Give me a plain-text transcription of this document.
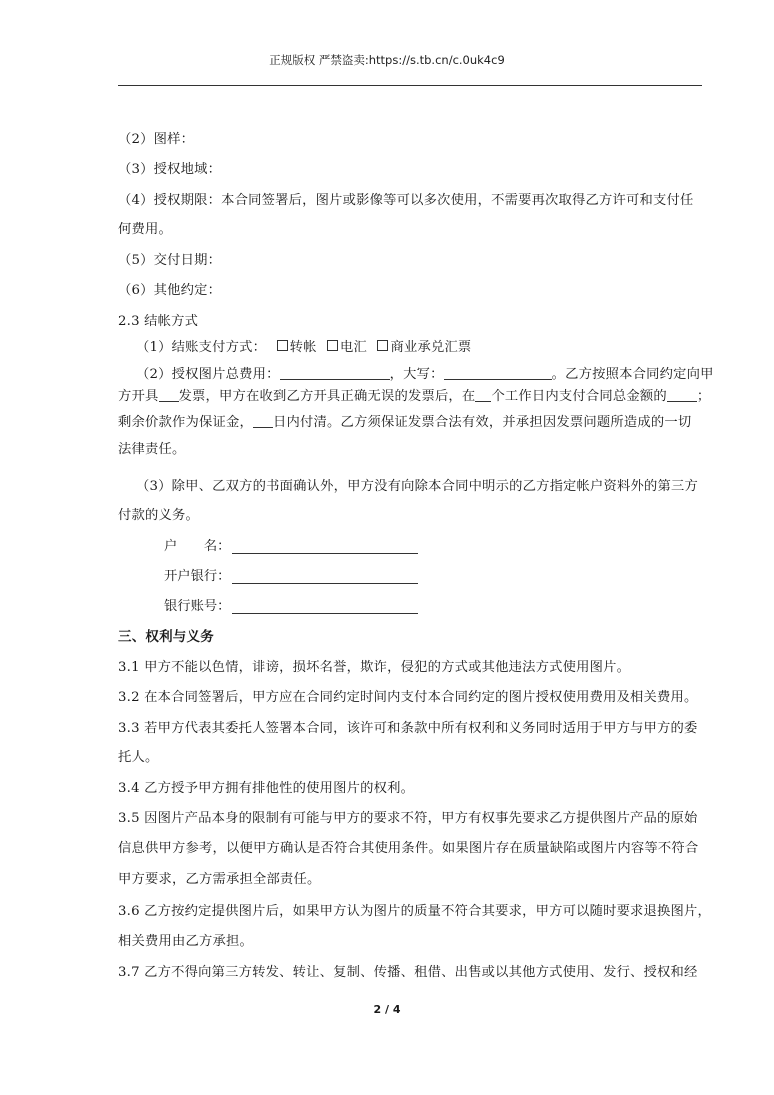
正规版权 严禁盗卖:https://s.tb.cn/c.0uk4c9
（2）图样：
（3）授权地域：
（4）授权期限：本合同签署后，图片或影像等可以多次使用，不需要再次取得乙方许可和支付任
何费用。
（5）交付日期：
（6）其他约定：
2.3 结帐方式
（1）结账支付方式： 转帐 电汇 商业承兑汇票
（2）授权图片总费用：	，大写：	。乙方按照本合同约定向甲
方开具 发票，甲方在收到乙方开具正确无误的发票后，在 个工作日内支付合同总金额的 ；
剩余价款作为保证金， 日内付清。乙方须保证发票合法有效，并承担因发票问题所造成的一切
法律责任。
（3）除甲、乙双方的书面确认外，甲方没有向除本合同中明示的乙方指定帐户资料外的第三方
付款的义务。
户　　名：
开户银行：
银行账号：
三、权利与义务
3.1 甲方不能以色情，诽谤，损坏名誉，欺诈，侵犯的方式或其他违法方式使用图片。
3.2 在本合同签署后，甲方应在合同约定时间内支付本合同约定的图片授权使用费用及相关费用。
3.3 若甲方代表其委托人签署本合同，该许可和条款中所有权利和义务同时适用于甲方与甲方的委
托人。
3.4 乙方授予甲方拥有排他性的使用图片的权利。
3.5 因图片产品本身的限制有可能与甲方的要求不符，甲方有权事先要求乙方提供图片产品的原始
信息供甲方参考，以便甲方确认是否符合其使用条件。如果图片存在质量缺陷或图片内容等不符合
甲方要求，乙方需承担全部责任。
3.6 乙方按约定提供图片后，如果甲方认为图片的质量不符合其要求，甲方可以随时要求退换图片，
相关费用由乙方承担。
3.7 乙方不得向第三方转发、转让、复制、传播、租借、出售或以其他方式使用、发行、授权和经
2 / 4
